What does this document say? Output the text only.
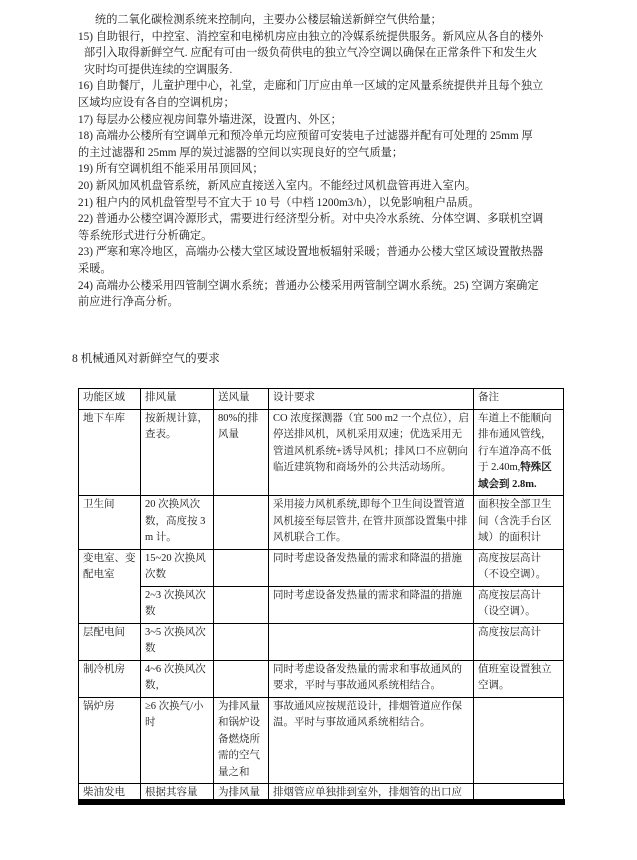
统的二氧化碳检测系统来控制向，主要办公楼层输送新鲜空气供给量；
15) 自助银行，中控室、消控室和电梯机房应由独立的冷媒系统提供服务。新风应从各自的楼外
部引入取得新鲜空气. 应配有可由一级负荷供电的独立气冷空调以确保在正常条件下和发生火
灾时均可提供连续的空调服务.
16) 自助餐厅，儿童护理中心，礼堂，走廊和门厅应由单一区域的定风量系统提供并且每个独立
区域均应设有各自的空调机房；
17) 每层办公楼应视房间靠外墙进深，设置内、外区；
18) 高端办公楼所有空调单元和预冷单元均应预留可安装电子过滤器并配有可处理的 25mm 厚
的主过滤器和 25mm 厚的炭过滤器的空间以实现良好的空气质量；
19) 所有空调机组不能采用吊顶回风；
20) 新风加风机盘管系统，新风应直接送入室内。不能经过风机盘管再进入室内。
21) 租户内的风机盘管型号不宜大于 10 号（中档 1200m3/h），以免影响租户品质。
22) 普通办公楼空调冷源形式，需要进行经济型分析。对中央冷水系统、分体空调、多联机空调
等系统形式进行分析确定。
23) 严寒和寒冷地区，高端办公楼大堂区域设置地板辐射采暖；普通办公楼大堂区域设置散热器
采暖。
24) 高端办公楼采用四管制空调水系统；普通办公楼采用两管制空调水系统。25) 空调方案确定
前应进行净高分析。
8 机械通风对新鲜空气的要求
功能区域	排风量	送风量	设计要求	备注
地下车库	按新规计算，查表。	80%的排风量	CO 浓度探测器（宜 500 m2 一个点位），启停送排风机，风机采用双速；优选采用无管道风机系统+诱导风机；排风口不应朝向临近建筑物和商场外的公共活动场所。	车道上不能顺向排布通风管线，行车道净高不低于 2.40m,特殊区域会到 2.8m.
卫生间	20 次换风次数，高度按 3m 计。		采用接力风机系统,即每个卫生间设置管道风机接至每层管井, 在管井顶部设置集中排风机联合工作。	面积按全部卫生间（含洗手台区域）的面积计
变电室、变配电室	15~20 次换风次数		同时考虑设备发热量的需求和降温的措施	高度按层高计（不设空调）。
	2~3 次换风次数		同时考虑设备发热量的需求和降温的措施	高度按层高计（设空调）。
层配电间	3~5 次换风次数			高度按层高计
制冷机房	4~6 次换风次数，		同时考虑设备发热量的需求和事故通风的要求，平时与事故通风系统相结合。	值班室设置独立空调。
锅炉房	≥6 次换气/小时	为排风量和锅炉设备燃烧所需的空气量之和	事故通风应按规范设计，排烟管道应作保温。平时与事故通风系统相结合。	
柴油发电	根据其容量	为排风量	排烟管应单独排到室外，排烟管的出口应	
